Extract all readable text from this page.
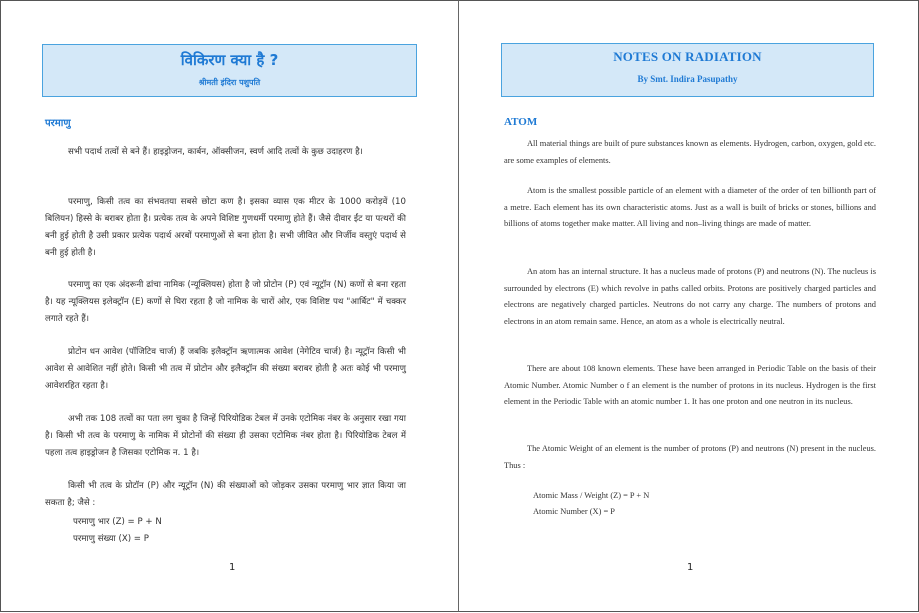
विकिरण क्या है ?
श्रीमती इंदिरा पशुपति
परमाणु

सभी पदार्थ तत्वों से बने हैं। हाइड्रोजन, कार्बन, ऑक्सीजन, स्वर्ण आदि तत्वों के कुछ उदाहरण है।

परमाणु, किसी तत्व का संभवतया सबसे छोटा कण है। इसका व्यास एक मीटर के 1000 करोड़वें (10 बिलियन) हिस्से के बराबर होता है। प्रत्येक तत्व के अपने विशिष्ट गुणधर्मी परमाणु होते हैं। जैसे दीवार ईंट या पत्थरों की बनी हुई होती है उसी प्रकार प्रत्येक पदार्थ अरबों परमाणुओं से बना होता है। सभी जीवित और निर्जीव वस्तुएं पदार्थ से बनी हुई होती है।

परमाणु का एक अंदरूनी ढांचा नामिक (न्यूक्लियस) होता है जो प्रोटोन (P) एवं न्यूट्रॉन (N) कणों से बना रहता है। यह न्यूक्लियस इलेक्ट्रॉन (E) कणों से घिरा रहता है जो नामिक के चारों ओर, एक विशिष्ट पथ "आर्बिट" में चक्कर लगाते रहते हैं।

प्रोटोन धन आवेश (पॉजिटिव चार्ज) हैं जबकि इलैक्ट्रॉन ऋणात्मक आवेश (नेगेटिव चार्ज) है। न्यूट्रॉन किसी भी आवेश से आवेशित नहीं होते। किसी भी तत्व में प्रोटोन और इलैक्ट्रॉन की संख्या बराबर होती है अतः कोई भी परमाणु आवेशरहित रहता है।

अभी तक 108 तत्वों का पता लग चुका है जिन्हें पिरियोडिक टेबल में उनके एटोमिक नंबर के अनुसार रखा गया है। किसी भी तत्व के परमाणु के नामिक में प्रोटोनों की संख्या ही उसका एटोमिक नंबर होता है। पिरियोडिक टेबल में पहला तत्व हाइड्रोजन है जिसका एटोमिक न. 1 है।

किसी भी तत्व के प्रोटॉन (P) और न्यूट्रॉन (N) की संख्याओं को जोड़कर उसका परमाणु भार ज्ञात किया जा सकता है; जैसे :

परमाणु भार (Z) = P + N
परमाणु संख्या (X) = P
1
NOTES ON RADIATION
By Smt. Indira Pasupathy
ATOM

All material things are built of pure substances known as elements. Hydrogen, carbon, oxygen, gold etc. are some examples of elements.

Atom is the smallest possible particle of an element with a diameter of the order of ten billionth part of a metre. Each element has its own characteristic atoms. Just as a wall is built of bricks or stones, billions and billions of atoms together make matter. All living and non–living things are made of matter.

An atom has an internal structure. It has a nucleus made of protons (P) and neutrons (N). The nucleus is surrounded by electrons (E) which revolve in paths called orbits. Protons are positively charged particles and electrons are negatively charged particles. Neutrons do not carry any charge. The numbers of protons and electrons in an atom remain same. Hence, an atom as a whole is electrically neutral.

There are about 108 known elements. These have been arranged in Periodic Table on the basis of their Atomic Number. Atomic Number o f an element is the number of protons in its nucleus. Hydrogen is the first element in the Periodic Table with an atomic number 1. It has one proton and one neutron in its nucleus.

The Atomic Weight of an element is the number of protons (P) and neutrons (N) present in the nucleus. Thus :

Atomic Mass / Weight (Z) = P + N
Atomic Number (X) = P
1
